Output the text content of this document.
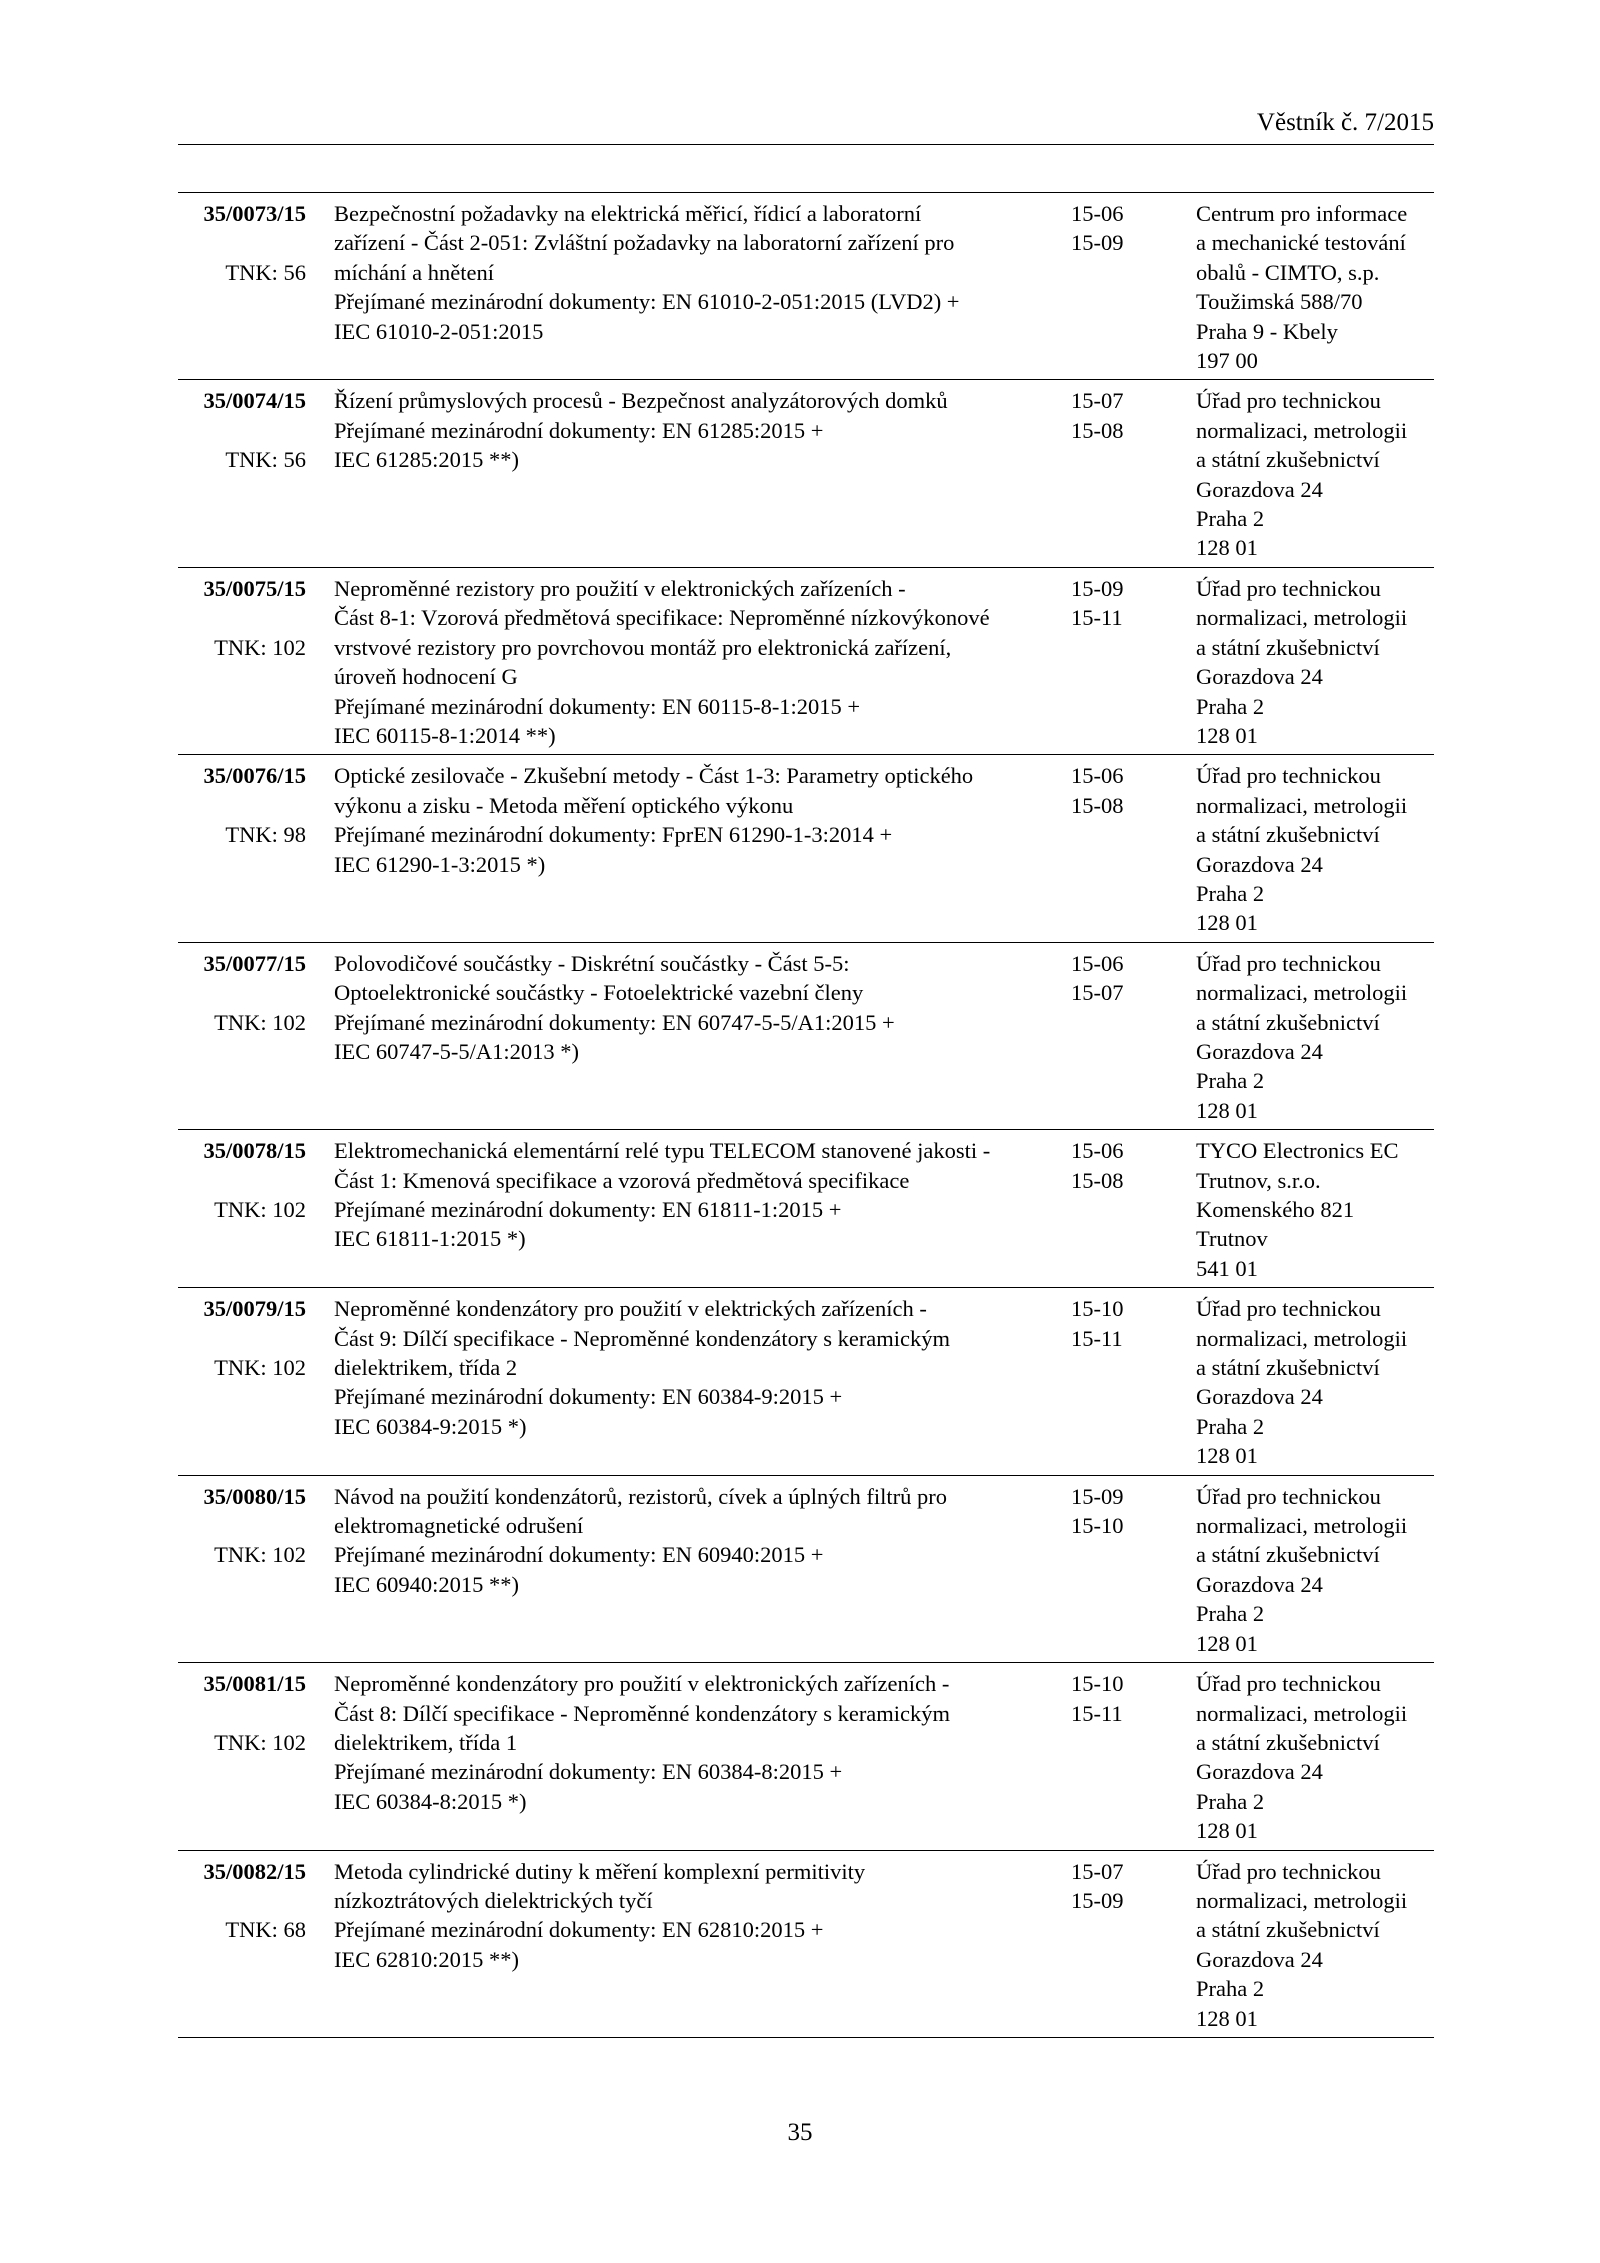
Věstník č. 7/2015
35/0073/15
TNK: 56
Bezpečnostní požadavky na elektrická měřicí, řídicí a laboratorní
zařízení - Část 2-051: Zvláštní požadavky na laboratorní zařízení pro
míchání a hnětení
Přejímané mezinárodní dokumenty: EN 61010-2-051:2015 (LVD2) +
IEC 61010-2-051:2015
15-06
15-09
Centrum pro informace
a mechanické testování
obalů - CIMTO, s.p.
Toužimská 588/70
Praha 9 - Kbely
197 00
35/0074/15
TNK: 56
Řízení průmyslových procesů - Bezpečnost analyzátorových domků
Přejímané mezinárodní dokumenty: EN 61285:2015 +
IEC 61285:2015 **)
15-07
15-08
Úřad pro technickou
normalizaci, metrologii
a státní zkušebnictví
Gorazdova 24
Praha 2
128 01
35/0075/15
TNK: 102
Neproměnné rezistory pro použití v elektronických zařízeních -
Část 8-1: Vzorová předmětová specifikace: Neproměnné nízkovýkonové
vrstvové rezistory pro povrchovou montáž pro elektronická zařízení,
úroveň hodnocení G
Přejímané mezinárodní dokumenty: EN 60115-8-1:2015 +
IEC 60115-8-1:2014 **)
15-09
15-11
Úřad pro technickou
normalizaci, metrologii
a státní zkušebnictví
Gorazdova 24
Praha 2
128 01
35/0076/15
TNK: 98
Optické zesilovače - Zkušební metody - Část 1-3: Parametry optického
výkonu a zisku - Metoda měření optického výkonu
Přejímané mezinárodní dokumenty: FprEN 61290-1-3:2014 +
IEC 61290-1-3:2015 *)
15-06
15-08
Úřad pro technickou
normalizaci, metrologii
a státní zkušebnictví
Gorazdova 24
Praha 2
128 01
35/0077/15
TNK: 102
Polovodičové součástky - Diskrétní součástky - Část 5-5:
Optoelektronické součástky - Fotoelektrické vazební členy
Přejímané mezinárodní dokumenty: EN 60747-5-5/A1:2015 +
IEC 60747-5-5/A1:2013 *)
15-06
15-07
Úřad pro technickou
normalizaci, metrologii
a státní zkušebnictví
Gorazdova 24
Praha 2
128 01
35/0078/15
TNK: 102
Elektromechanická elementární relé typu TELECOM stanovené jakosti -
Část 1: Kmenová specifikace a vzorová předmětová specifikace
Přejímané mezinárodní dokumenty: EN 61811-1:2015 +
IEC 61811-1:2015 *)
15-06
15-08
TYCO Electronics EC
Trutnov, s.r.o.
Komenského 821
Trutnov
541 01
35/0079/15
TNK: 102
Neproměnné kondenzátory pro použití v elektrických zařízeních -
Část 9: Dílčí specifikace - Neproměnné kondenzátory s keramickým
dielektrikem, třída 2
Přejímané mezinárodní dokumenty: EN 60384-9:2015 +
IEC 60384-9:2015 *)
15-10
15-11
Úřad pro technickou
normalizaci, metrologii
a státní zkušebnictví
Gorazdova 24
Praha 2
128 01
35/0080/15
TNK: 102
Návod na použití kondenzátorů, rezistorů, cívek a úplných filtrů pro
elektromagnetické odrušení
Přejímané mezinárodní dokumenty: EN 60940:2015 +
IEC 60940:2015 **)
15-09
15-10
Úřad pro technickou
normalizaci, metrologii
a státní zkušebnictví
Gorazdova 24
Praha 2
128 01
35/0081/15
TNK: 102
Neproměnné kondenzátory pro použití v elektronických zařízeních -
Část 8: Dílčí specifikace - Neproměnné kondenzátory s keramickým
dielektrikem, třída 1
Přejímané mezinárodní dokumenty: EN 60384-8:2015 +
IEC 60384-8:2015 *)
15-10
15-11
Úřad pro technickou
normalizaci, metrologii
a státní zkušebnictví
Gorazdova 24
Praha 2
128 01
35/0082/15
TNK: 68
Metoda cylindrické dutiny k měření komplexní permitivity
nízkoztrátových dielektrických tyčí
Přejímané mezinárodní dokumenty: EN 62810:2015 +
IEC 62810:2015 **)
15-07
15-09
Úřad pro technickou
normalizaci, metrologii
a státní zkušebnictví
Gorazdova 24
Praha 2
128 01
35
